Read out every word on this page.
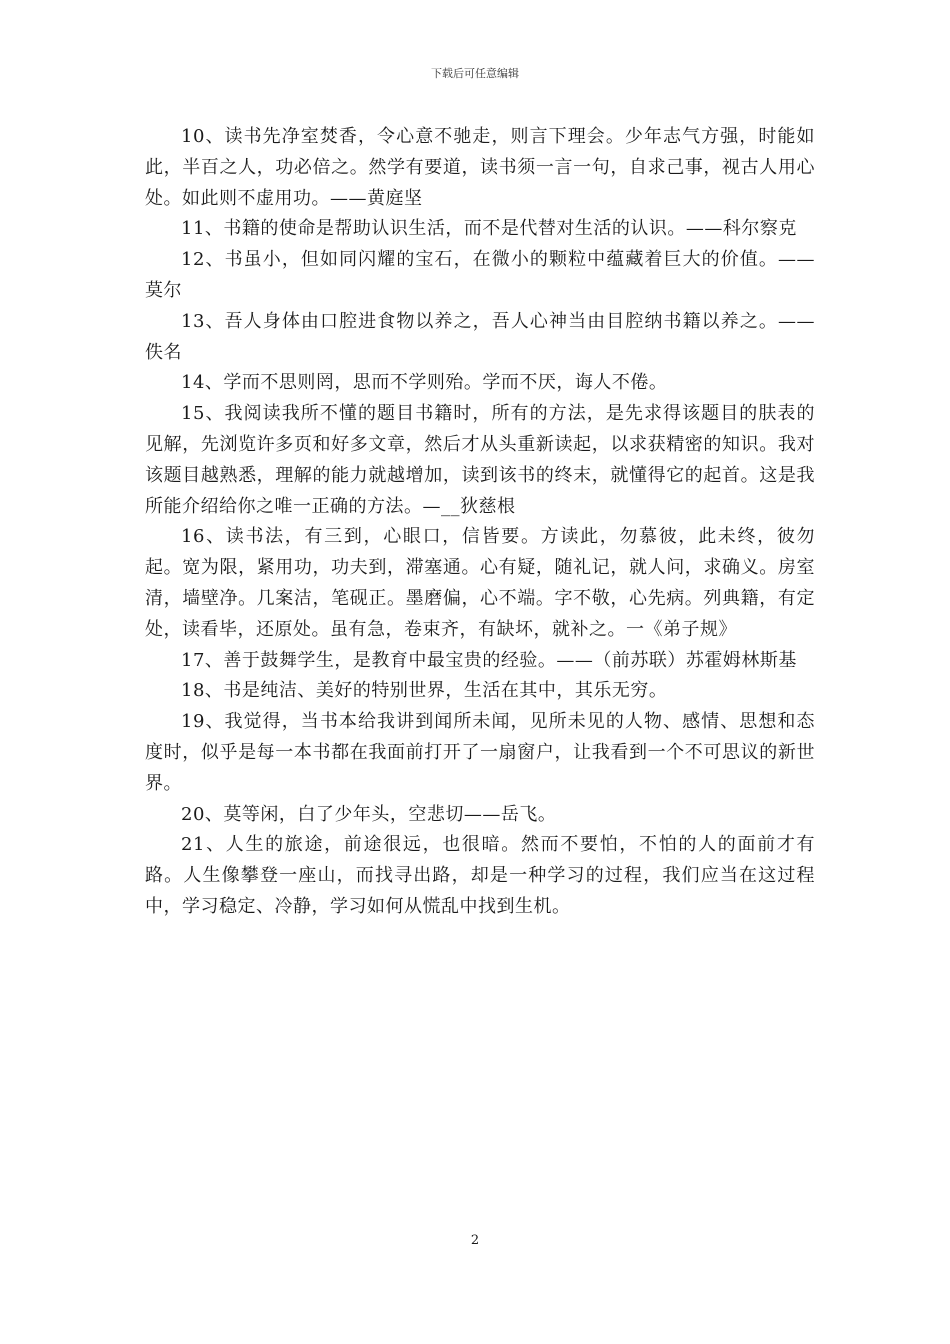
下载后可任意编辑

10、读书先净室焚香，令心意不驰走，则言下理会。少年志气方强，时能如此，半百之人，功必倍之。然学有要道，读书须一言一句，自求己事，视古人用心处。如此则不虚用功。——黄庭坚

11、书籍的使命是帮助认识生活，而不是代替对生活的认识。——科尔察克

12、书虽小，但如同闪耀的宝石，在微小的颗粒中蕴藏着巨大的价值。——莫尔

13、吾人身体由口腔进食物以养之，吾人心神当由目腔纳书籍以养之。——佚名

14、学而不思则罔，思而不学则殆。学而不厌，诲人不倦。

15、我阅读我所不懂的题目书籍时，所有的方法，是先求得该题目的肤表的见解，先浏览许多页和好多文章，然后才从头重新读起，以求获精密的知识。我对该题目越熟悉，理解的能力就越增加，读到该书的终末，就懂得它的起首。这是我所能介绍给你之唯一正确的方法。—__狄慈根

16、读书法，有三到，心眼口，信皆要。方读此，勿慕彼，此未终，彼勿起。宽为限，紧用功，功夫到，滞塞通。心有疑，随礼记，就人问，求确义。房室清，墙壁净。几案洁，笔砚正。墨磨偏，心不端。字不敬，心先病。列典籍，有定处，读看毕，还原处。虽有急，卷束齐，有缺坏，就补之。一《弟子规》

17、善于鼓舞学生，是教育中最宝贵的经验。——（前苏联）苏霍姆林斯基

18、书是纯洁、美好的特别世界，生活在其中，其乐无穷。

19、我觉得，当书本给我讲到闻所未闻，见所未见的人物、感情、思想和态度时，似乎是每一本书都在我面前打开了一扇窗户，让我看到一个不可思议的新世界。

20、莫等闲，白了少年头，空悲切——岳飞。

21、人生的旅途，前途很远，也很暗。然而不要怕，不怕的人的面前才有路。人生像攀登一座山，而找寻出路，却是一种学习的过程，我们应当在这过程中，学习稳定、冷静，学习如何从慌乱中找到生机。

2
